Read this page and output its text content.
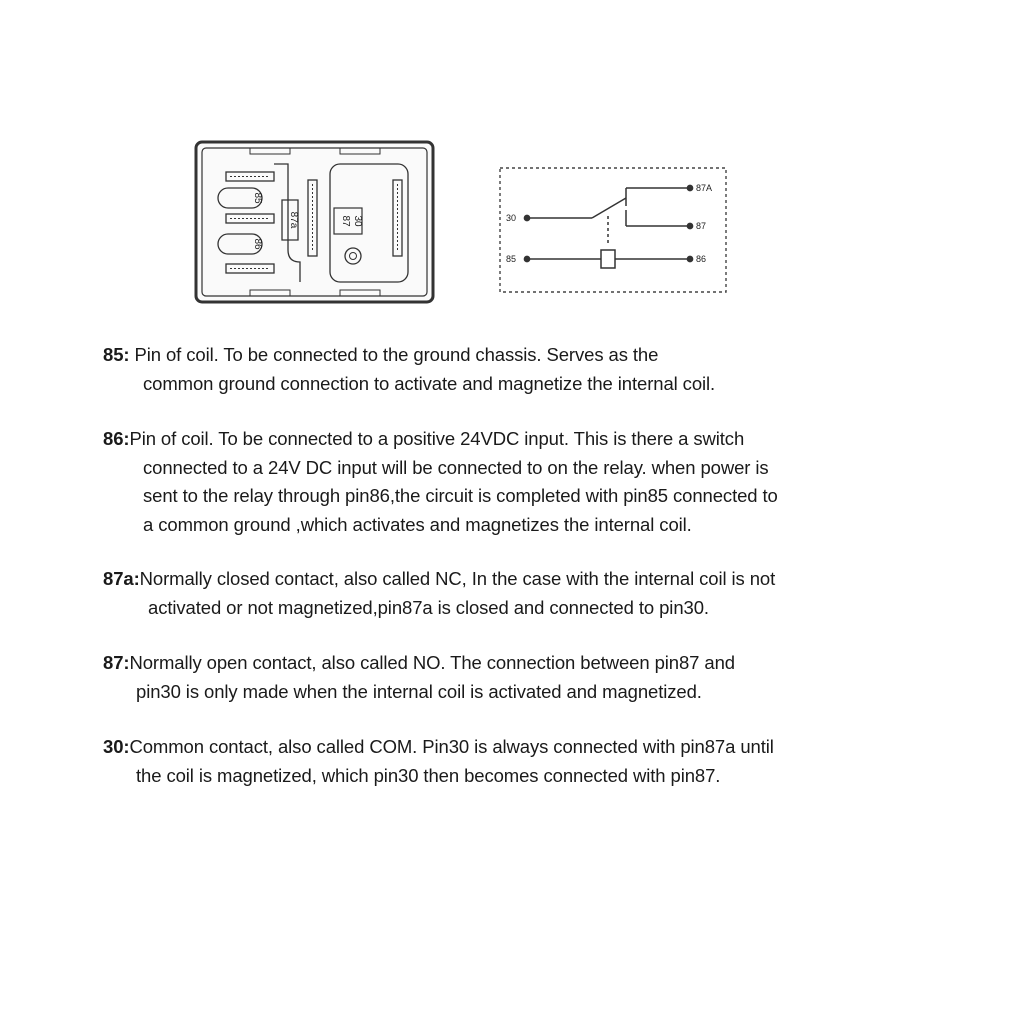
85
86
87a	87 30
87A
87
30
85	86
85: Pin of coil. To be connected to the ground chassis. Serves as the
common ground connection to activate and magnetize the internal coil.
86:Pin of coil. To be connected to a positive 24VDC input. This is there a switch
connected to a 24V DC input will be connected to on the relay. when power is
sent to the relay through pin86,the circuit is completed with pin85 connected to
a common ground ,which activates and magnetizes the internal coil.
87a:Normally closed contact, also called NC, In the case with the internal coil is not
activated or not magnetized,pin87a is closed and connected to pin30.
87:Normally open contact, also called NO. The connection between pin87 and
pin30 is only made when the internal coil is activated and magnetized.
30:Common contact, also called COM. Pin30 is always connected with pin87a until
the coil is magnetized, which pin30 then becomes connected with pin87.
